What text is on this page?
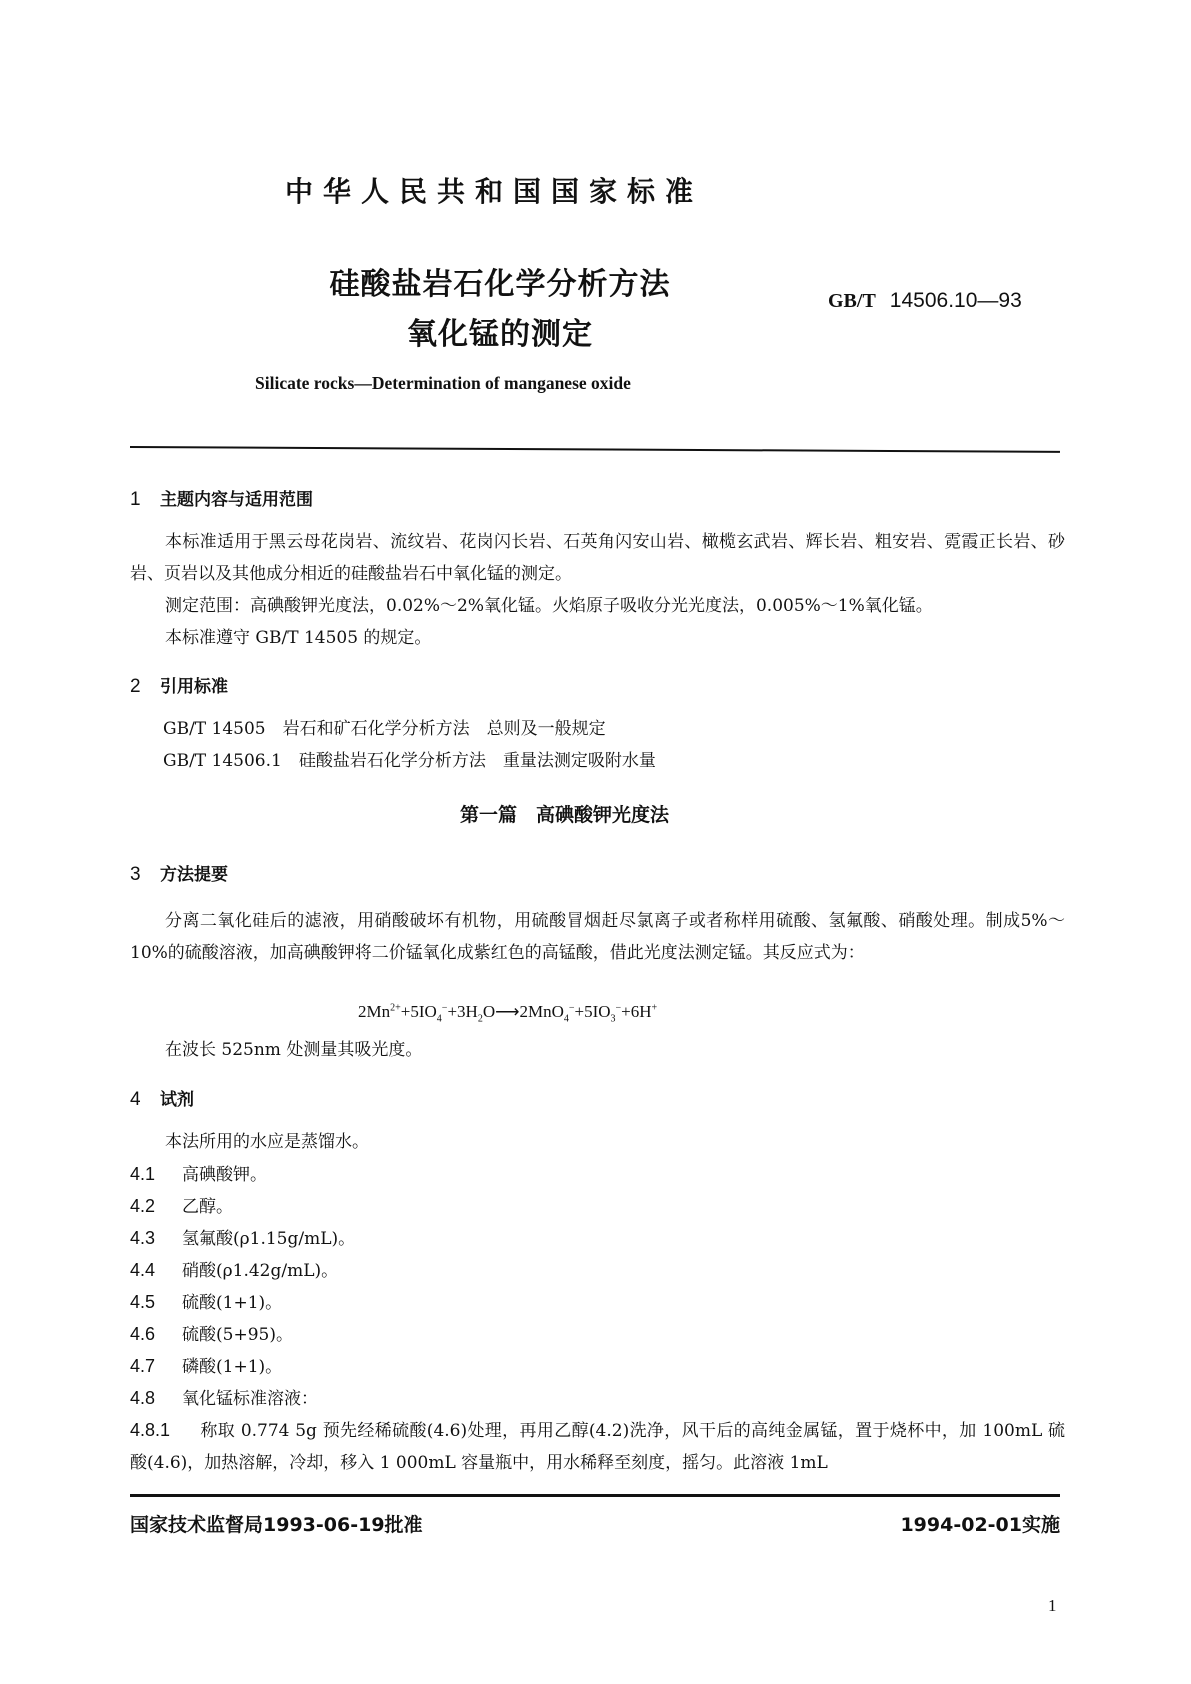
中华人民共和国国家标准
硅酸盐岩石化学分析方法
氧化锰的测定
GB/T 14506.10—93
Silicate rocks—Determination of manganese oxide
1 主题内容与适用范围
本标准适用于黑云母花岗岩、流纹岩、花岗闪长岩、石英角闪安山岩、橄榄玄武岩、辉长岩、粗安岩、霓霞正长岩、砂岩、页岩以及其他成分相近的硅酸盐岩石中氧化锰的测定。
测定范围：高碘酸钾光度法，0.02%～2%氧化锰。火焰原子吸收分光光度法，0.005%～1%氧化锰。
本标准遵守 GB/T 14505 的规定。
2 引用标准
GB/T 14505　岩石和矿石化学分析方法　总则及一般规定
GB/T 14506.1　硅酸盐岩石化学分析方法　重量法测定吸附水量
第一篇　高碘酸钾光度法
3 方法提要
分离二氧化硅后的滤液，用硝酸破坏有机物，用硫酸冒烟赶尽氯离子或者称样用硫酸、氢氟酸、硝酸处理。制成5%～10%的硫酸溶液，加高碘酸钾将二价锰氧化成紫红色的高锰酸，借此光度法测定锰。其反应式为：
$2Mn^{2+}+5IO_4^-+3H_2O⟶2MnO_4^-+5IO_3^-+6H^+$
在波长 525nm 处测量其吸光度。
4 试剂
本法所用的水应是蒸馏水。
4.1 高碘酸钾。
4.2 乙醇。
4.3 氢氟酸(ρ1.15g/mL)。
4.4 硝酸(ρ1.42g/mL)。
4.5 硫酸(1+1)。
4.6 硫酸(5+95)。
4.7 磷酸(1+1)。
4.8 氧化锰标准溶液：
4.8.1 称取 0.774 5g 预先经稀硫酸(4.6)处理，再用乙醇(4.2)洗净，风干后的高纯金属锰，置于烧杯中，加 100mL 硫酸(4.6)，加热溶解，冷却，移入 1 000mL 容量瓶中，用水稀释至刻度，摇匀。此溶液 1mL
国家技术监督局1993-06-19批准	1994-02-01实施
1
